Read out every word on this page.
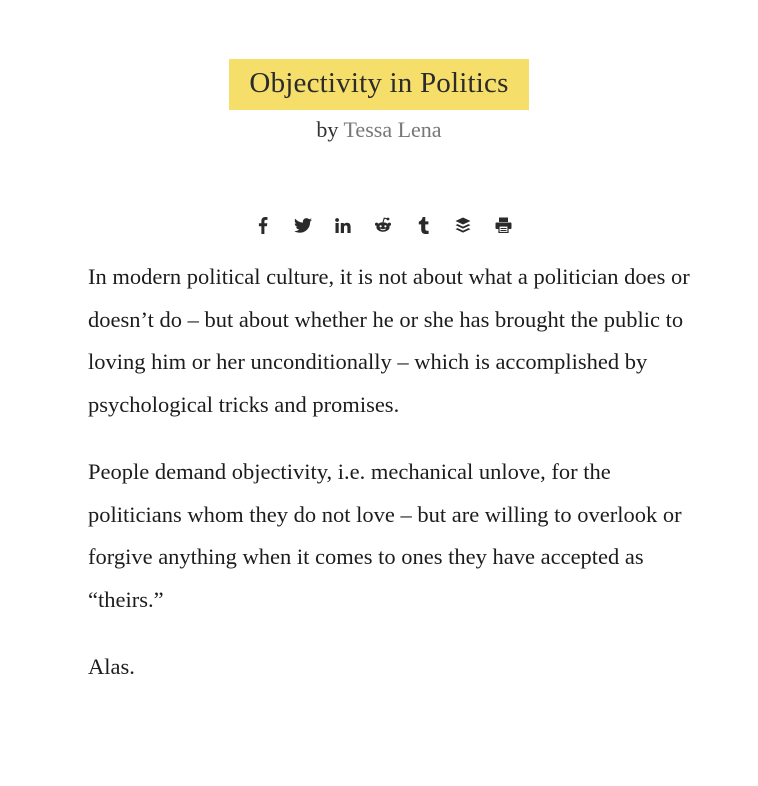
Objectivity in Politics
by Tessa Lena

In modern political culture, it is not about what a politician does or doesn’t do – but about whether he or she has brought the public to loving him or her unconditionally – which is accomplished by psychological tricks and promises.

People demand objectivity, i.e. mechanical unlove, for the politicians whom they do not love – but are willing to overlook or forgive anything when it comes to ones they have accepted as “theirs.”

Alas.
